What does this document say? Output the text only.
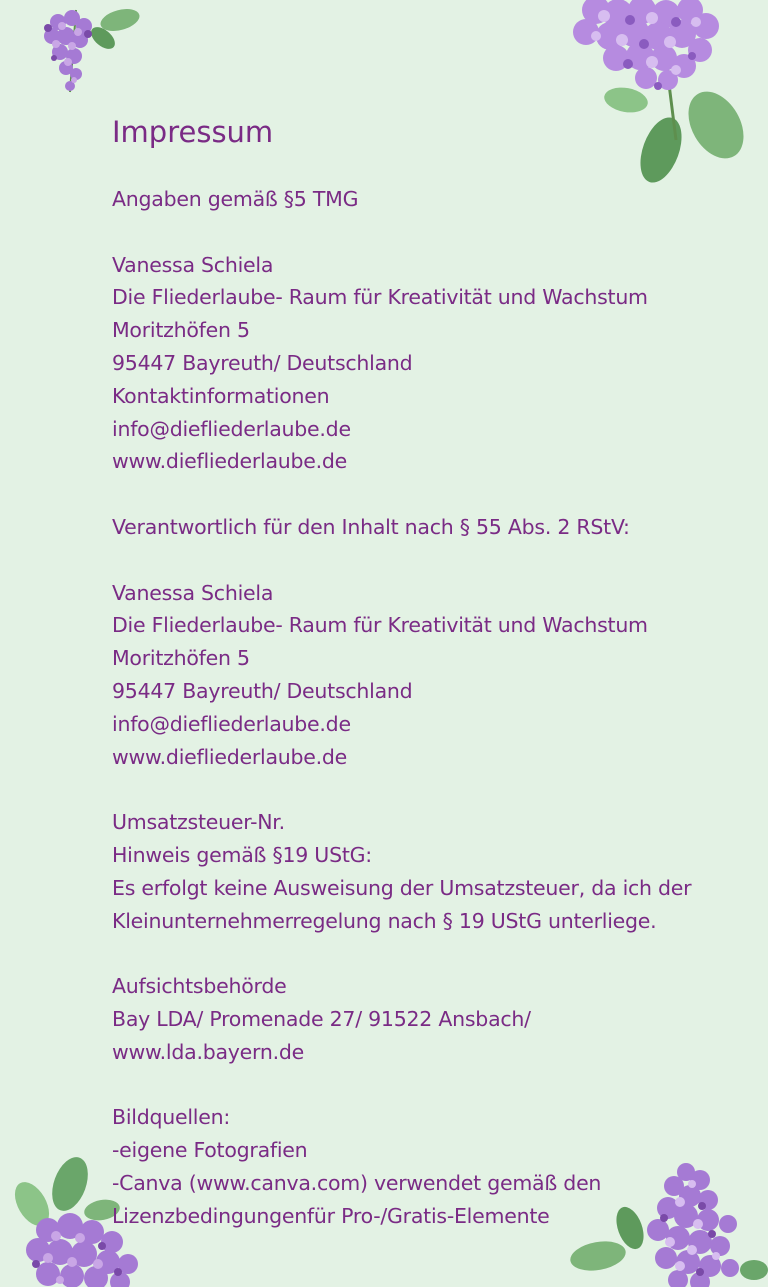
Impressum
Angaben gemäß §5 TMG
Vanessa Schiela
Die Fliederlaube- Raum für Kreativität und Wachstum
Moritzhöfen 5
95447 Bayreuth/ Deutschland
Kontaktinformationen
info@diefliederlaube.de
www.diefliederlaube.de
Verantwortlich für den Inhalt nach § 55 Abs. 2 RStV:
Vanessa Schiela
Die Fliederlaube- Raum für Kreativität und Wachstum
Moritzhöfen 5
95447 Bayreuth/ Deutschland
info@diefliederlaube.de
www.diefliederlaube.de
Umsatzsteuer-Nr.
Hinweis gemäß §19 UStG:
Es erfolgt keine Ausweisung der Umsatzsteuer, da ich der
Kleinunternehmerregelung nach § 19 UStG unterliege.
Aufsichtsbehörde
Bay LDA/ Promenade 27/ 91522 Ansbach/
www.lda.bayern.de
Bildquellen:
-eigene Fotografien
-Canva (www.canva.com) verwendet gemäß den
Lizenzbedingungenfür Pro-/Gratis-Elemente
